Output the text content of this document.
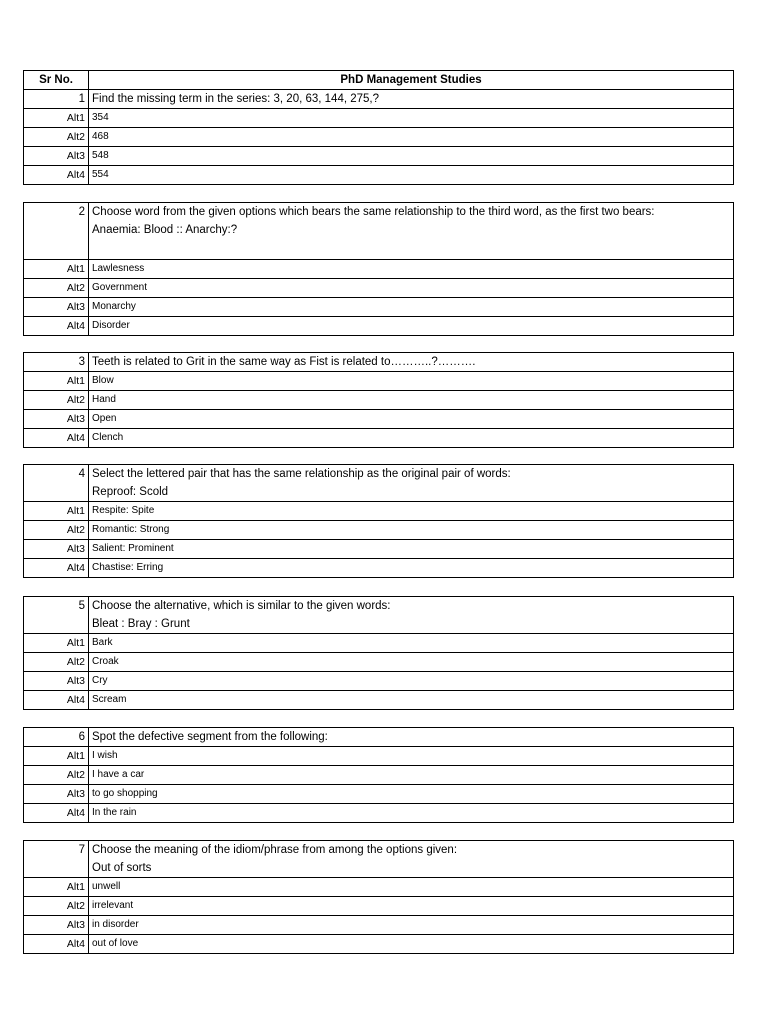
Sr No.	PhD Management Studies
1	Find the missing term in the series: 3, 20, 63, 144, 275,?

Alt1	354
Alt2	468
Alt3	548
Alt4	554
2	Choose word from the given options which bears the same relationship to the third word, as the first two bears:
Anaemia: Blood :: Anarchy:?

Alt1	Lawlesness
Alt2	Government
Alt3	Monarchy
Alt4	Disorder
3	Teeth is related to Grit in the same way as Fist is related to………..?……….

Alt1	Blow
Alt2	Hand
Alt3	Open
Alt4	Clench
4	Select the lettered pair that has the same relationship as the original pair of words:
Reproof: Scold

Alt1	Respite: Spite
Alt2	Romantic: Strong
Alt3	Salient: Prominent
Alt4	Chastise: Erring
5	Choose the alternative, which is similar to the given words:
Bleat : Bray : Grunt

Alt1	Bark
Alt2	Croak
Alt3	Cry
Alt4	Scream
6	Spot the defective segment from the following:

Alt1	I wish
Alt2	I have a car
Alt3	to go shopping
Alt4	In the rain
7	Choose the meaning of the idiom/phrase from among the options given:
Out of sorts

Alt1	unwell
Alt2	irrelevant
Alt3	in disorder
Alt4	out of love
